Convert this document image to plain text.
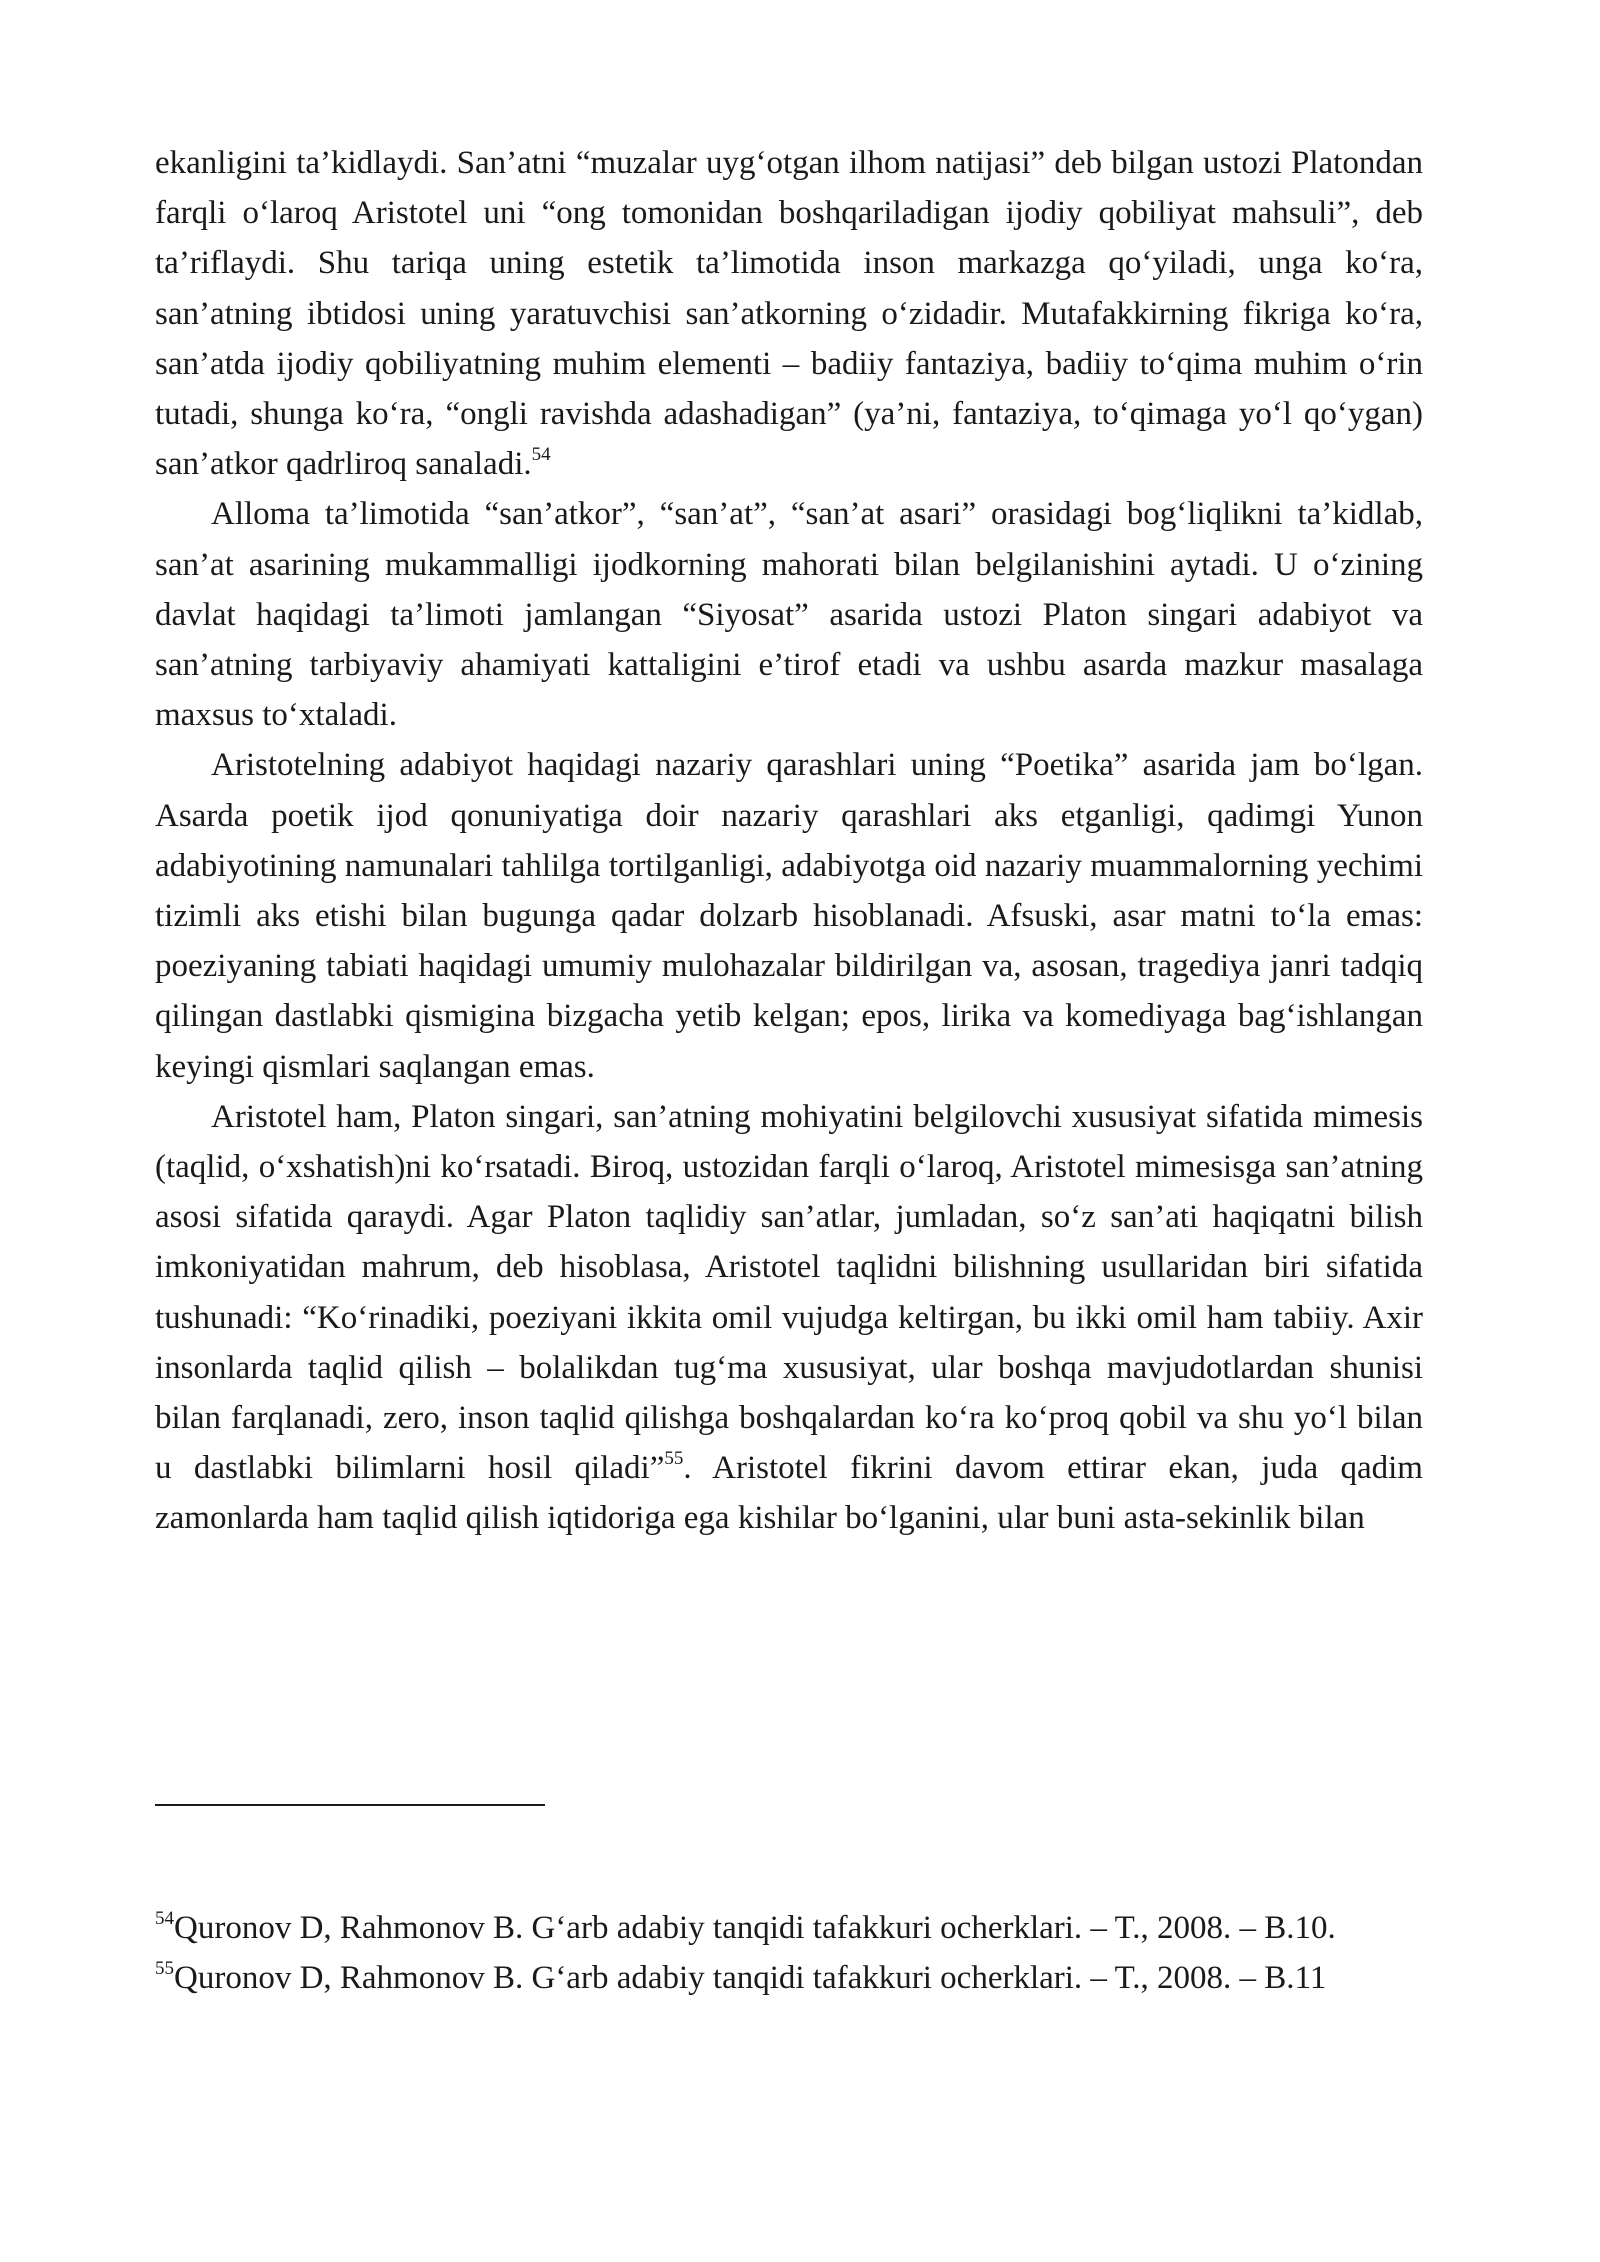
ekanligini ta’kidlaydi. San’atni “muzalar uyg‘otgan ilhom natijasi” deb bilgan ustozi Platondan farqli o‘laroq Aristotel uni “ong tomonidan boshqariladigan ijodiy qobiliyat mahsuli”, deb ta’riflaydi. Shu tariqa uning estetik ta’limotida inson markazga qo‘yiladi, unga ko‘ra, san’atning ibtidosi uning yaratuvchisi san’atkorning o‘zidadir. Mutafakkirning fikriga ko‘ra, san’atda ijodiy qobiliyatning muhim elementi – badiiy fantaziya, badiiy to‘qima muhim o‘rin tutadi, shunga ko‘ra, “ongli ravishda adashadigan” (ya’ni, fantaziya, to‘qimaga yo‘l qo‘ygan) san’atkor qadrliroq sanaladi.$^{54}$

Alloma ta’limotida “san’atkor”, “san’at”, “san’at asari” orasidagi bog‘liqlikni ta’kidlab, san’at asarining mukammalligi ijodkorning mahorati bilan belgilanishini aytadi. U o‘zining davlat haqidagi ta’limoti jamlangan “Siyosat” asarida ustozi Platon singari adabiyot va san’atning tarbiyaviy ahamiyati kattaligini e’tirof etadi va ushbu asarda mazkur masalaga maxsus to‘xtaladi.

Aristotelning adabiyot haqidagi nazariy qarashlari uning “Poetika” asarida jam bo‘lgan. Asarda poetik ijod qonuniyatiga doir nazariy qarashlari aks etganligi, qadimgi Yunon adabiyotining namunalari tahlilga tortilganligi, adabiyotga oid nazariy muammalorning yechimi tizimli aks etishi bilan bugunga qadar dolzarb hisoblanadi. Afsuski, asar matni to‘la emas: poeziyaning tabiati haqidagi umumiy mulohazalar bildirilgan va, asosan, tragediya janri tadqiq qilingan dastlabki qismigina bizgacha yetib kelgan; epos, lirika va komediyaga bag‘ishlangan keyingi qismlari saqlangan emas.

Aristotel ham, Platon singari, san’atning mohiyatini belgilovchi xususiyat sifatida mimesis (taqlid, o‘xshatish)ni ko‘rsatadi. Biroq, ustozidan farqli o‘laroq, Aristotel mimesisga san’atning asosi sifatida qaraydi. Agar Platon taqlidiy san’atlar, jumladan, so‘z san’ati haqiqatni bilish imkoniyatidan mahrum, deb hisoblasa, Aristotel taqlidni bilishning usullaridan biri sifatida tushunadi: “Ko‘rinadiki, poeziyani ikkita omil vujudga keltirgan, bu ikki omil ham tabiiy. Axir insonlarda taqlid qilish – bolalikdan tug‘ma xususiyat, ular boshqa mavjudotlardan shunisi bilan farqlanadi, zero, inson taqlid qilishga boshqalardan ko‘ra ko‘proq qobil va shu yo‘l bilan u dastlabki bilimlarni hosil qiladi”$^{55}$. Aristotel fikrini davom ettirar ekan, juda qadim zamonlarda ham taqlid qilish iqtidoriga ega kishilar bo‘lganini, ular buni asta-sekinlik bilan

$^{54}$Quronov D, Rahmonov B. G‘arb adabiy tanqidi tafakkuri ocherklari. – T., 2008. – B.10.

$^{55}$Quronov D, Rahmonov B. G‘arb adabiy tanqidi tafakkuri ocherklari. – T., 2008. – B.11
